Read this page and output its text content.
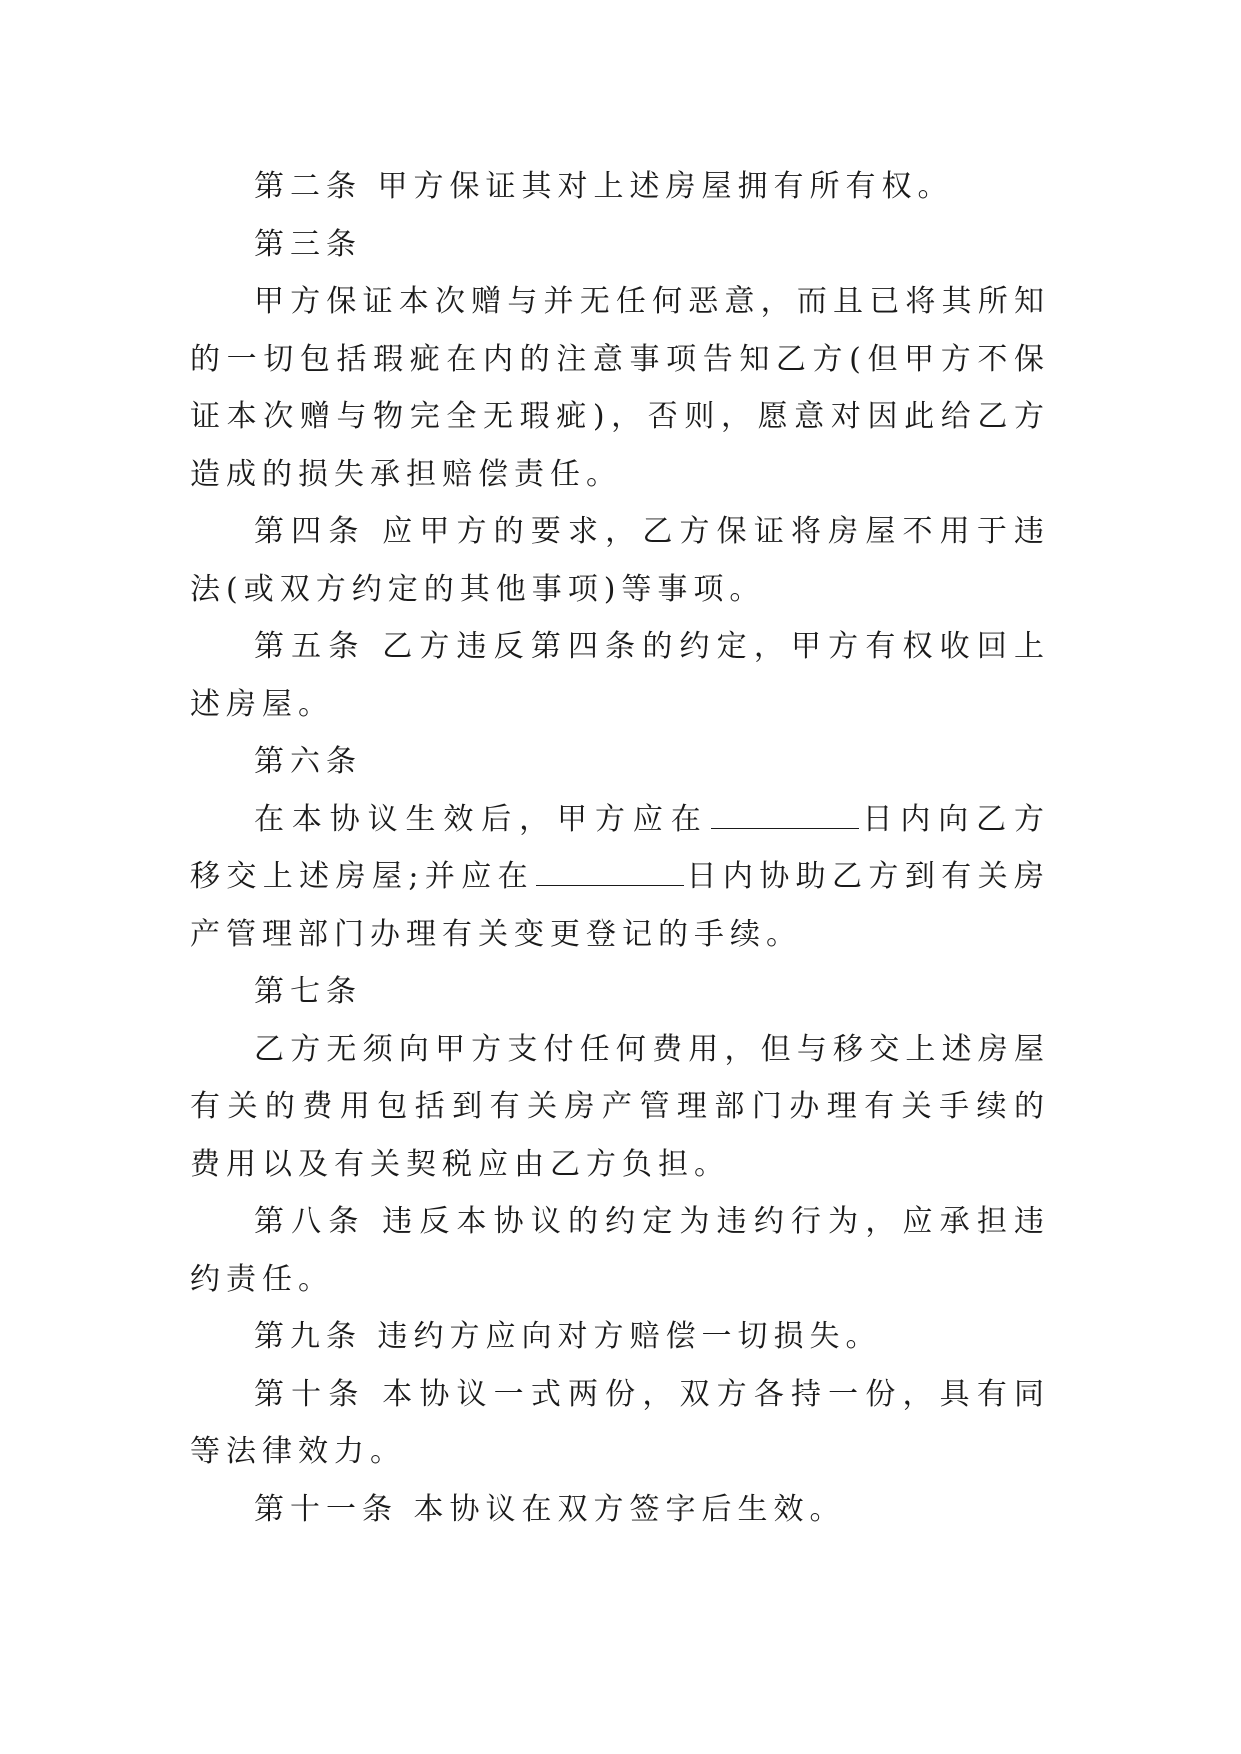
第二条 甲方保证其对上述房屋拥有所有权。

第三条

甲方保证本次赠与并无任何恶意，而且已将其所知的一切包括瑕疵在内的注意事项告知乙方(但甲方不保证本次赠与物完全无瑕疵)，否则，愿意对因此给乙方造成的损失承担赔偿责任。

第四条 应甲方的要求，乙方保证将房屋不用于违法(或双方约定的其他事项)等事项。

第五条 乙方违反第四条的约定，甲方有权收回上述房屋。

第六条

在本协议生效后，甲方应在	日内向乙方移交上述房屋;并应在	日内协助乙方到有关房产管理部门办理有关变更登记的手续。

第七条

乙方无须向甲方支付任何费用，但与移交上述房屋有关的费用包括到有关房产管理部门办理有关手续的费用以及有关契税应由乙方负担。

第八条 违反本协议的约定为违约行为，应承担违约责任。

第九条 违约方应向对方赔偿一切损失。

第十条 本协议一式两份，双方各持一份，具有同等法律效力。

第十一条 本协议在双方签字后生效。
